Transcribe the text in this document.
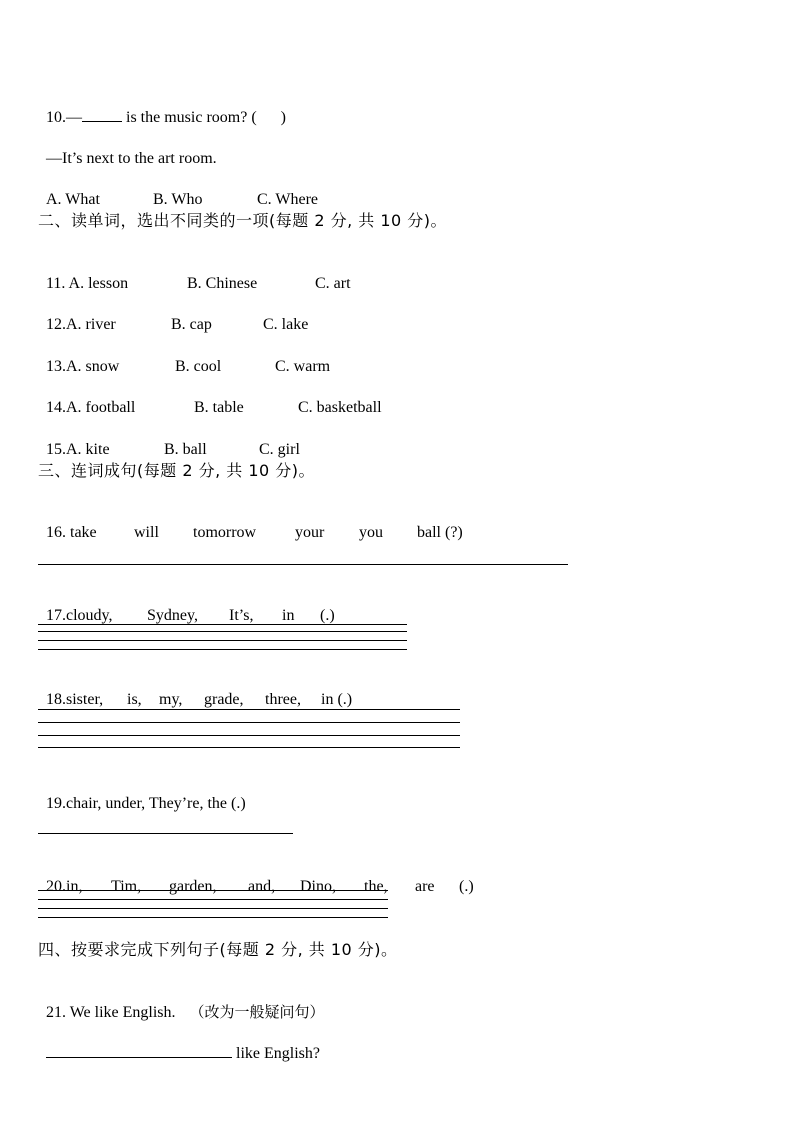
10.—	is the music room? (      )

—It’s next to the art room.

A. What	B. Who	C. Where

二、读单词，选出不同类的一项(每题 2 分, 共 10 分)。

11. A. lesson	B. Chinese	C. art

12.A. river	B. cap	C. lake

13.A. snow	B. cool	C. warm

14.A. football	B. table	C. basketball

15.A. kite	B. ball	C. girl

三、连词成句(每题 2 分, 共 10 分)。

16. take will tomorrow your you ball (?)

17.cloudy, Sydney, It’s, in (.)

18.sister, is, my, grade, three, in (.)

19.chair, under, They’re, the (.)

20.in, Tim, garden, and, Dino, the, are (.)

四、按要求完成下列句子(每题 2 分, 共 10 分)。

21. We like English. （改为一般疑问句）

like English?
